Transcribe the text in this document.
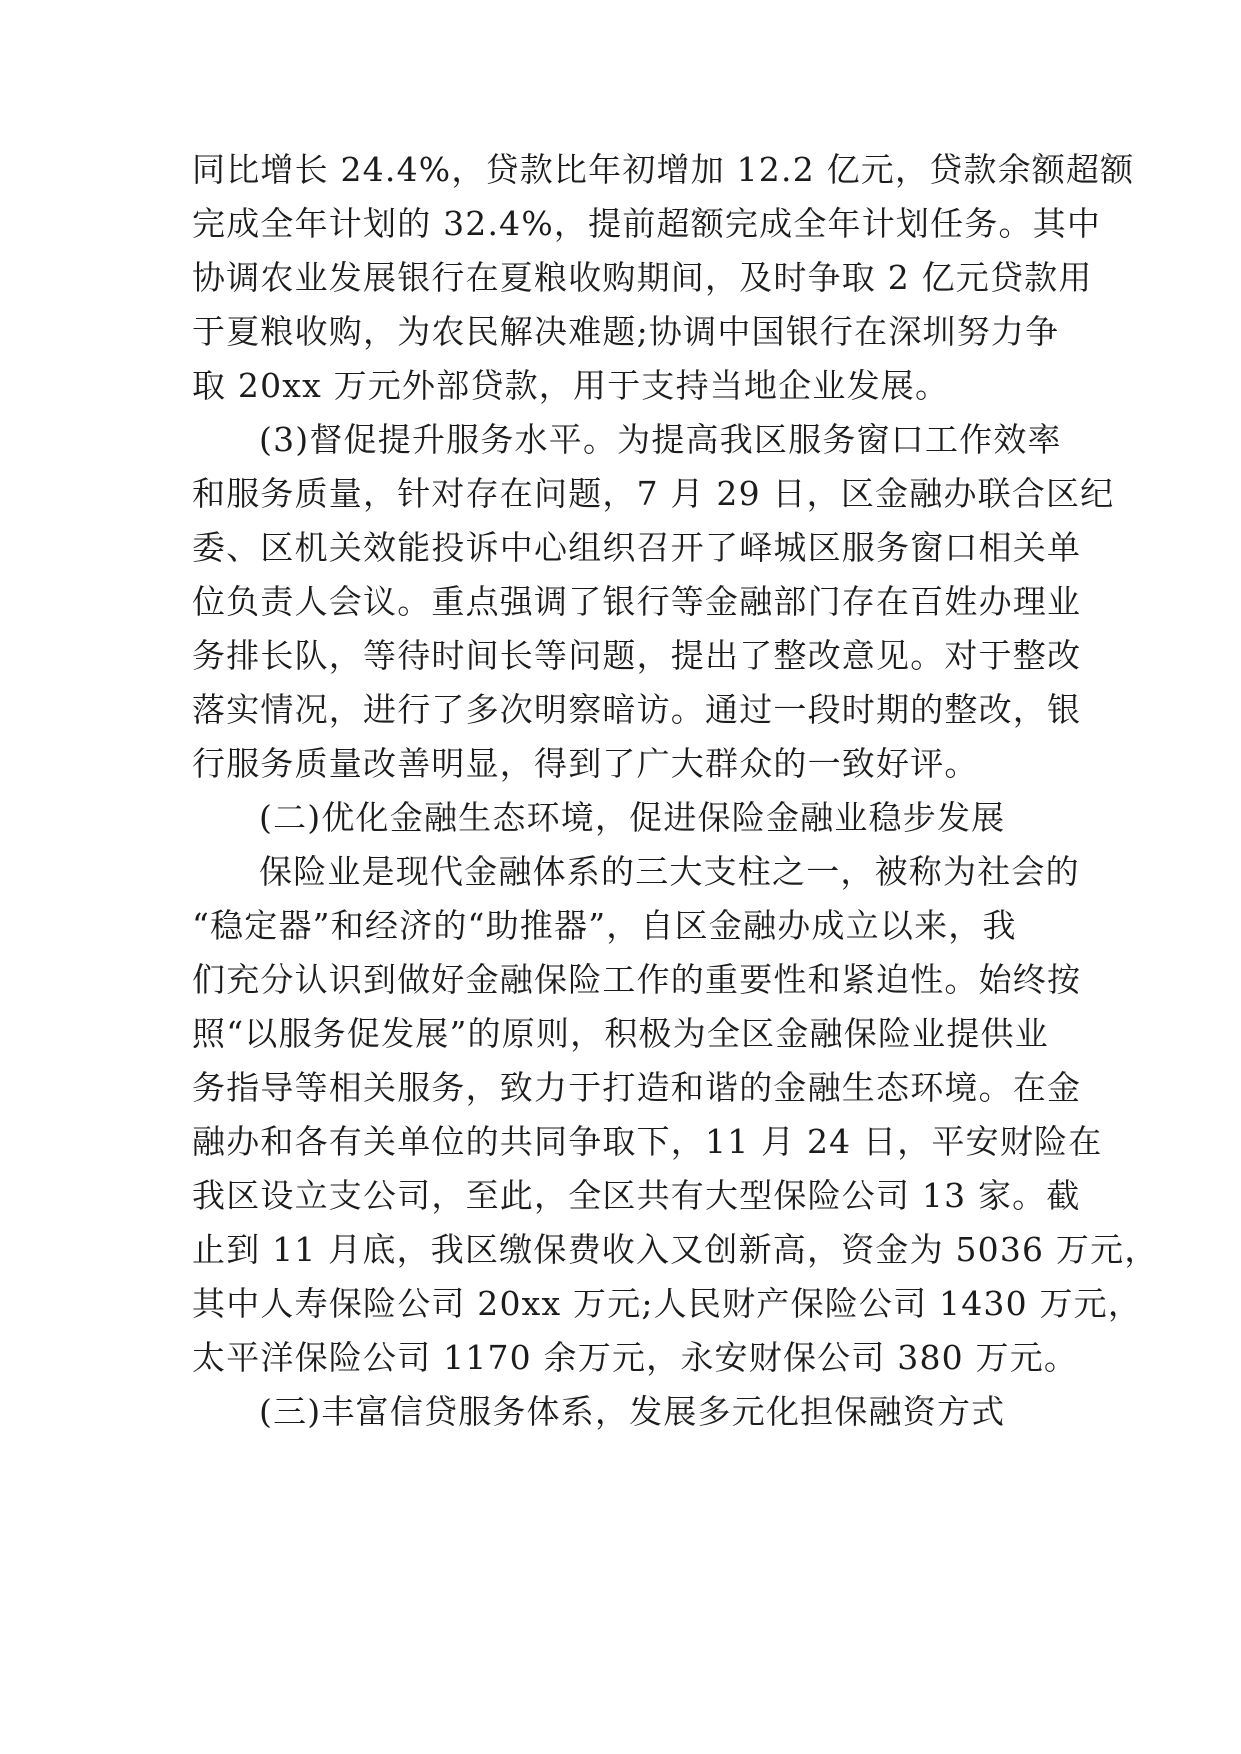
同比增长 24.4%，贷款比年初增加 12.2 亿元，贷款余额超额

完成全年计划的 32.4%，提前超额完成全年计划任务。其中

协调农业发展银行在夏粮收购期间，及时争取 2 亿元贷款用

于夏粮收购，为农民解决难题;协调中国银行在深圳努力争

取 20xx 万元外部贷款，用于支持当地企业发展。

(3)督促提升服务水平。为提高我区服务窗口工作效率

和服务质量，针对存在问题，7 月 29 日，区金融办联合区纪

委、区机关效能投诉中心组织召开了峄城区服务窗口相关单

位负责人会议。重点强调了银行等金融部门存在百姓办理业

务排长队，等待时间长等问题，提出了整改意见。对于整改

落实情况，进行了多次明察暗访。通过一段时期的整改，银

行服务质量改善明显，得到了广大群众的一致好评。

(二)优化金融生态环境，促进保险金融业稳步发展

保险业是现代金融体系的三大支柱之一，被称为社会的

“稳定器”和经济的“助推器”，自区金融办成立以来，我

们充分认识到做好金融保险工作的重要性和紧迫性。始终按

照“以服务促发展”的原则，积极为全区金融保险业提供业

务指导等相关服务，致力于打造和谐的金融生态环境。在金

融办和各有关单位的共同争取下，11 月 24 日，平安财险在

我区设立支公司，至此，全区共有大型保险公司 13 家。截

止到 11 月底，我区缴保费收入又创新高，资金为 5036 万元，

其中人寿保险公司 20xx 万元;人民财产保险公司 1430 万元，

太平洋保险公司 1170 余万元，永安财保公司 380 万元。

(三)丰富信贷服务体系，发展多元化担保融资方式
